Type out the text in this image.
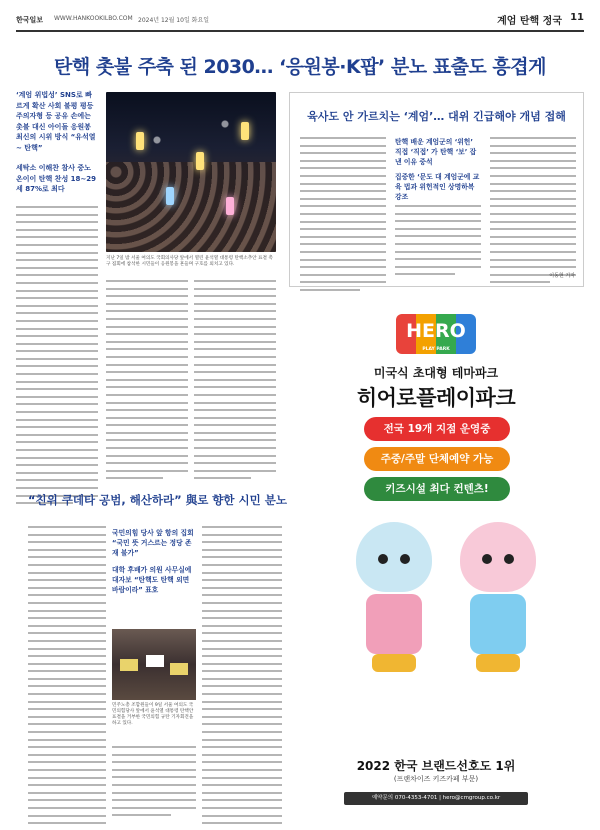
한국일보 WWW.HANKOOKILBO.COM 2024년 12월 10일 화요일	계엄 탄핵 정국 11
탄핵 촛불 주축 된 2030… ‘응원봉·K팝’ 분노 표출도 흥겹게

‘계엄 위법성’ SNS로 빠르게 확산 사회 불평 평등주의자형 등 공유 손에는 촛불 대신 아이돌 응원봉 최신의 시위 방식 “유석열~ 탄핵”

세탁소 이해찬 참사 중노 온이이 탄핵 찬성 18~29세 87%로 최다

지난 7일 밤 서울 여의도 국회의사당 앞에서 열린 윤석열 대통령 탄핵소추안 표결 촉구 집회에 참석한 시민들이 응원봉을 흔들며 구호를 외치고 있다.
육사도 안 가르치는 ‘계엄’… 대위 긴급해야 개념 접해

탄핵 배운 계엄군의 ‘위헌’ 직접 ‘직접’ 가 탄핵 ‘보’ 잡낸 이유 중석

집중한 ‘문도 대 계엄군에 교육 법과 위헌적인 상명하복 강조

이동현 기자
HERO
PLAY PARK
미국식 초대형 테마파크
히어로플레이파크
전국 19개 지점 운영중
주중/주말 단체예약 가능
키즈시설 최다 컨텐츠!
2022 한국 브랜드선호도 1위
(프랜차이즈 키즈카페 부문)
예약문의 070-4353-4701 | hero@cmgroup.co.kr
“친위 쿠데타 공범, 해산하라” 與로 향한 시민 분노

국민의힘 당사 앞 항의 집회 “국민 뜻 거스르는 정당 존재 불가”

대학 후배가 의원 사무실에 대자보 “탄핵도 탄핵 외면 바람이라” 표호

민주노총 조합원들이 9일 서울 여의도 국민의힘당사 앞에서 윤석열 대통령 탄핵안 표결을 거부한 국민의힘 규탄 기자회견을 하고 있다.
